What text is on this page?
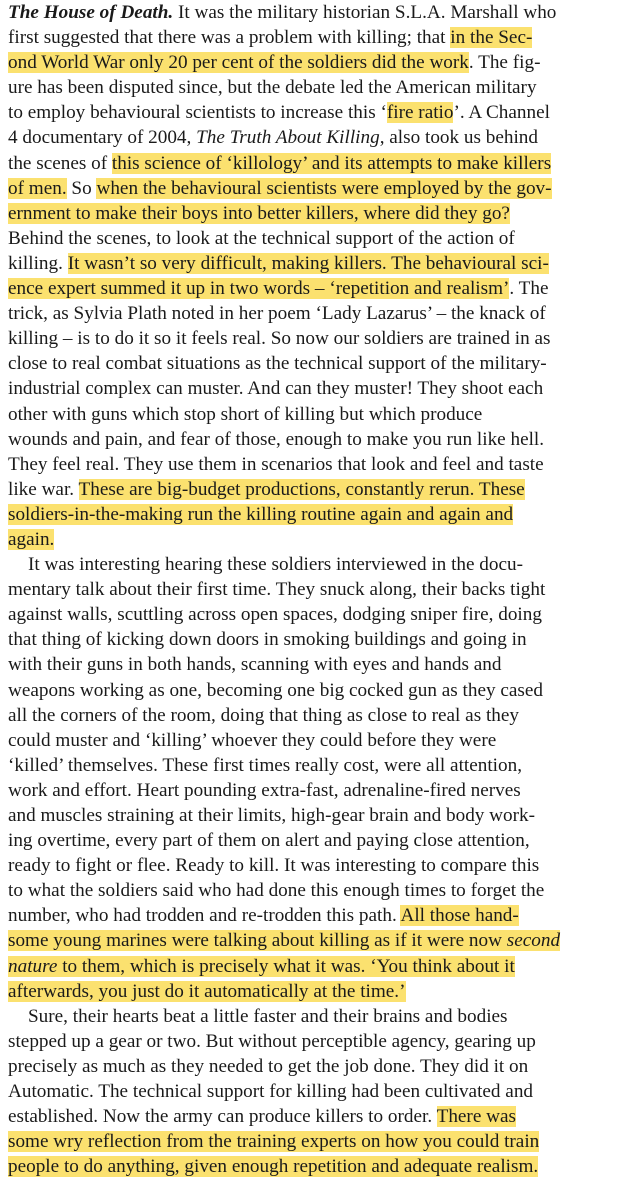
The House of Death. It was the military historian S.L.A. Marshall who
first suggested that there was a problem with killing; that in the Sec-
ond World War only 20 per cent of the soldiers did the work. The fig-
ure has been disputed since, but the debate led the American military
to employ behavioural scientists to increase this ‘fire ratio’. A Channel
4 documentary of 2004, The Truth About Killing, also took us behind
the scenes of this science of ‘killology’ and its attempts to make killers
of men. So when the behavioural scientists were employed by the gov-
ernment to make their boys into better killers, where did they go?
Behind the scenes, to look at the technical support of the action of
killing. It wasn’t so very difficult, making killers. The behavioural sci-
ence expert summed it up in two words – ‘repetition and realism’. The
trick, as Sylvia Plath noted in her poem ‘Lady Lazarus’ – the knack of
killing – is to do it so it feels real. So now our soldiers are trained in as
close to real combat situations as the technical support of the military-
industrial complex can muster. And can they muster! They shoot each
other with guns which stop short of killing but which produce
wounds and pain, and fear of those, enough to make you run like hell.
They feel real. They use them in scenarios that look and feel and taste
like war. These are big-budget productions, constantly rerun. These
soldiers-in-the-making run the killing routine again and again and
again.
It was interesting hearing these soldiers interviewed in the docu-
mentary talk about their first time. They snuck along, their backs tight
against walls, scuttling across open spaces, dodging sniper fire, doing
that thing of kicking down doors in smoking buildings and going in
with their guns in both hands, scanning with eyes and hands and
weapons working as one, becoming one big cocked gun as they cased
all the corners of the room, doing that thing as close to real as they
could muster and ‘killing’ whoever they could before they were
‘killed’ themselves. These first times really cost, were all attention,
work and effort. Heart pounding extra-fast, adrenaline-fired nerves
and muscles straining at their limits, high-gear brain and body work-
ing overtime, every part of them on alert and paying close attention,
ready to fight or flee. Ready to kill. It was interesting to compare this
to what the soldiers said who had done this enough times to forget the
number, who had trodden and re-trodden this path. All those hand-
some young marines were talking about killing as if it were now second
nature to them, which is precisely what it was. ‘You think about it
afterwards, you just do it automatically at the time.’
Sure, their hearts beat a little faster and their brains and bodies
stepped up a gear or two. But without perceptible agency, gearing up
precisely as much as they needed to get the job done. They did it on
Automatic. The technical support for killing had been cultivated and
established. Now the army can produce killers to order. There was
some wry reflection from the training experts on how you could train
people to do anything, given enough repetition and adequate realism.
